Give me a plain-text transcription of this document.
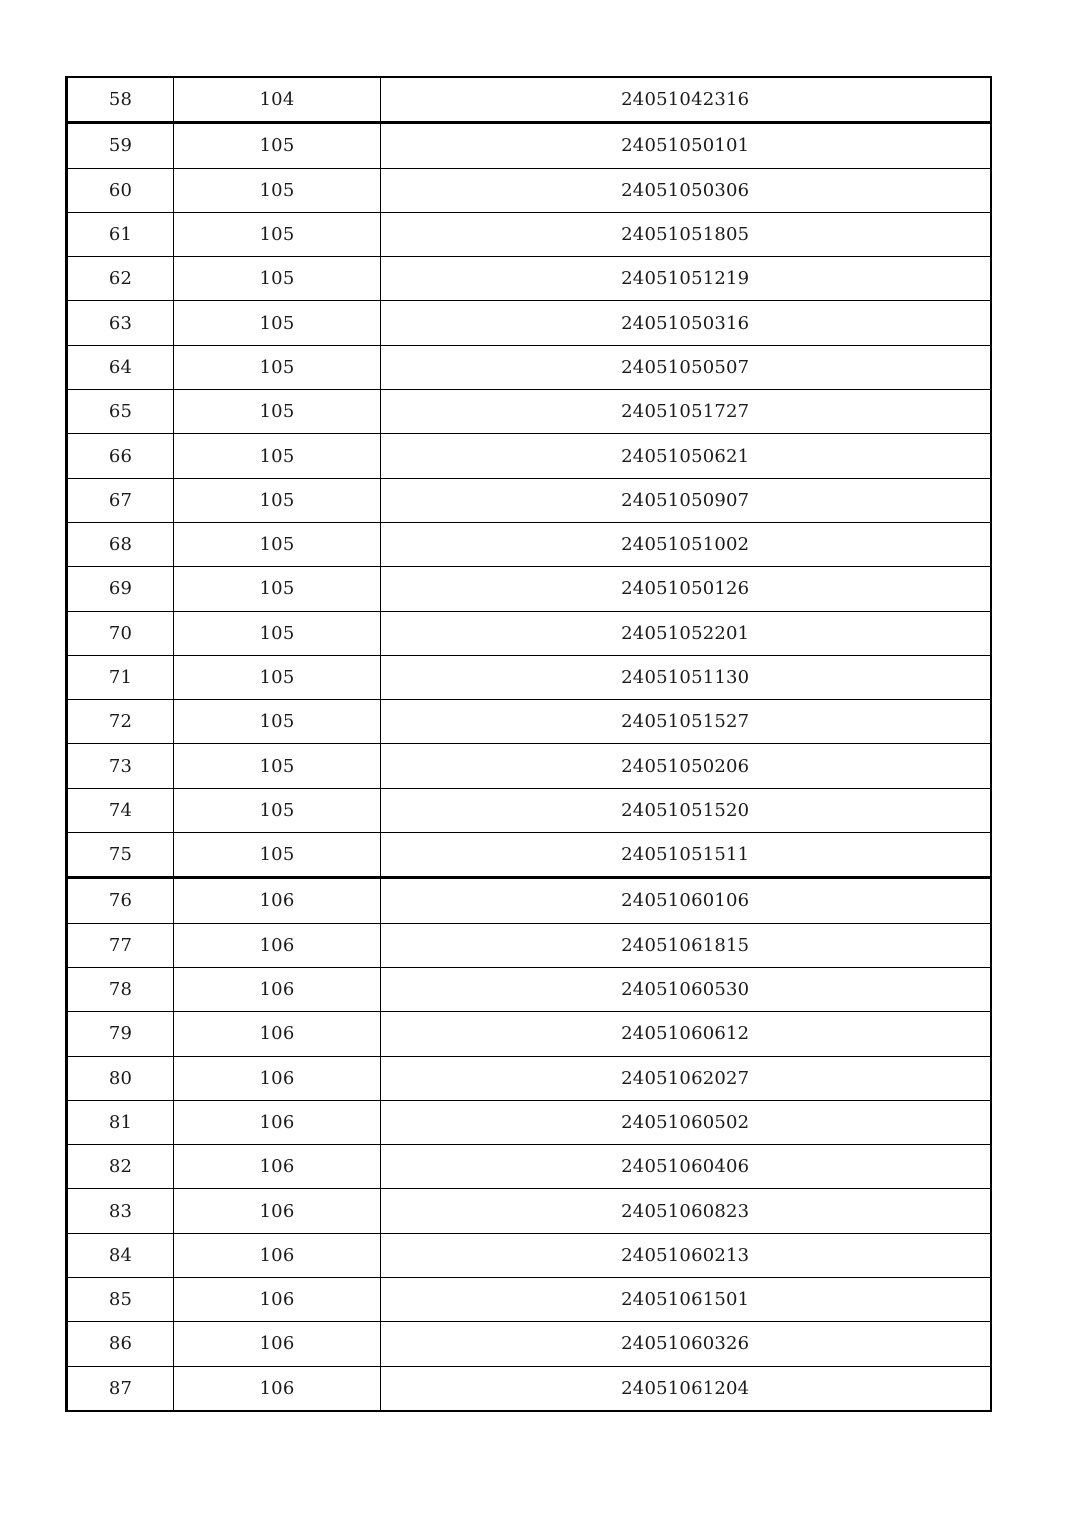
58	104	24051042316
59	105	24051050101
60	105	24051050306
61	105	24051051805
62	105	24051051219
63	105	24051050316
64	105	24051050507
65	105	24051051727
66	105	24051050621
67	105	24051050907
68	105	24051051002
69	105	24051050126
70	105	24051052201
71	105	24051051130
72	105	24051051527
73	105	24051050206
74	105	24051051520
75	105	24051051511
76	106	24051060106
77	106	24051061815
78	106	24051060530
79	106	24051060612
80	106	24051062027
81	106	24051060502
82	106	24051060406
83	106	24051060823
84	106	24051060213
85	106	24051061501
86	106	24051060326
87	106	24051061204
